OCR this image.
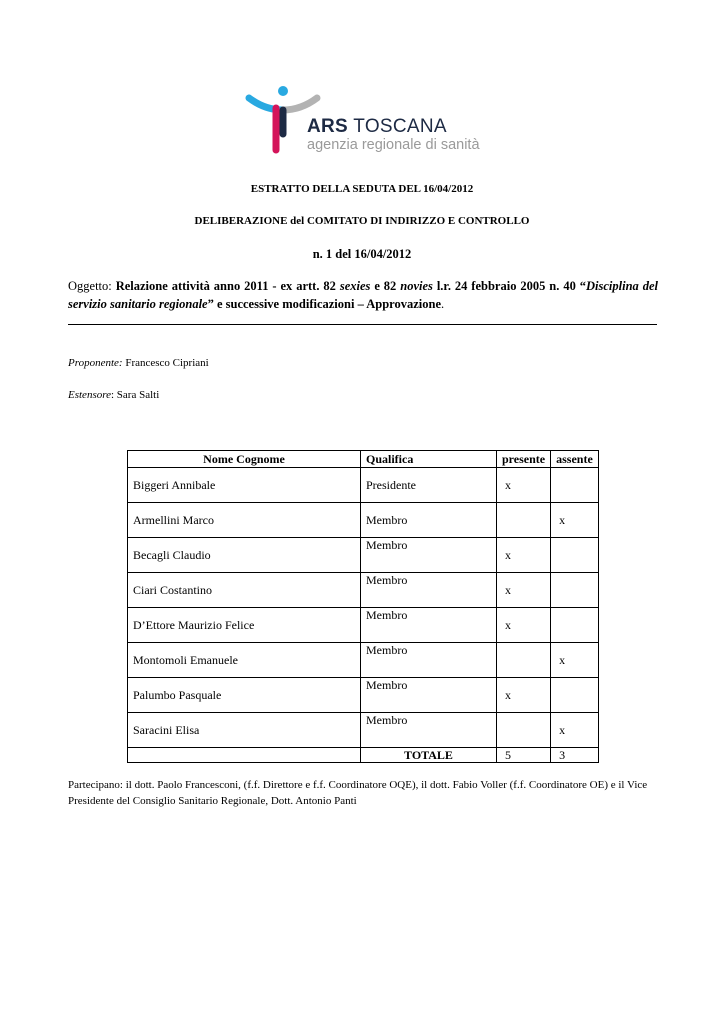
ARS TOSCANA
agenzia regionale di sanità
ESTRATTO DELLA SEDUTA DEL 16/04/2012
DELIBERAZIONE del COMITATO DI INDIRIZZO E CONTROLLO
n. 1 del 16/04/2012
Oggetto: Relazione attività anno 2011 - ex artt. 82 sexies e 82 novies l.r. 24 febbraio 2005 n. 40 “Disciplina del servizio sanitario regionale” e successive modificazioni – Approvazione.
Proponente: Francesco Cipriani
Estensore: Sara Salti
Nome Cognome	Qualifica	presente	assente
Biggeri Annibale	Presidente	x	
Armellini Marco	Membro		x
Becagli Claudio	Membro	x	
Ciari Costantino	Membro	x	
D’Ettore Maurizio Felice	Membro	x	
Montomoli Emanuele	Membro		x
Palumbo Pasquale	Membro	x	
Saracini Elisa	Membro		x
	TOTALE	5	3
Partecipano: il dott. Paolo Francesconi, (f.f. Direttore e f.f. Coordinatore OQE), il dott. Fabio Voller (f.f. Coordinatore OE) e il Vice Presidente del Consiglio Sanitario Regionale, Dott. Antonio Panti
